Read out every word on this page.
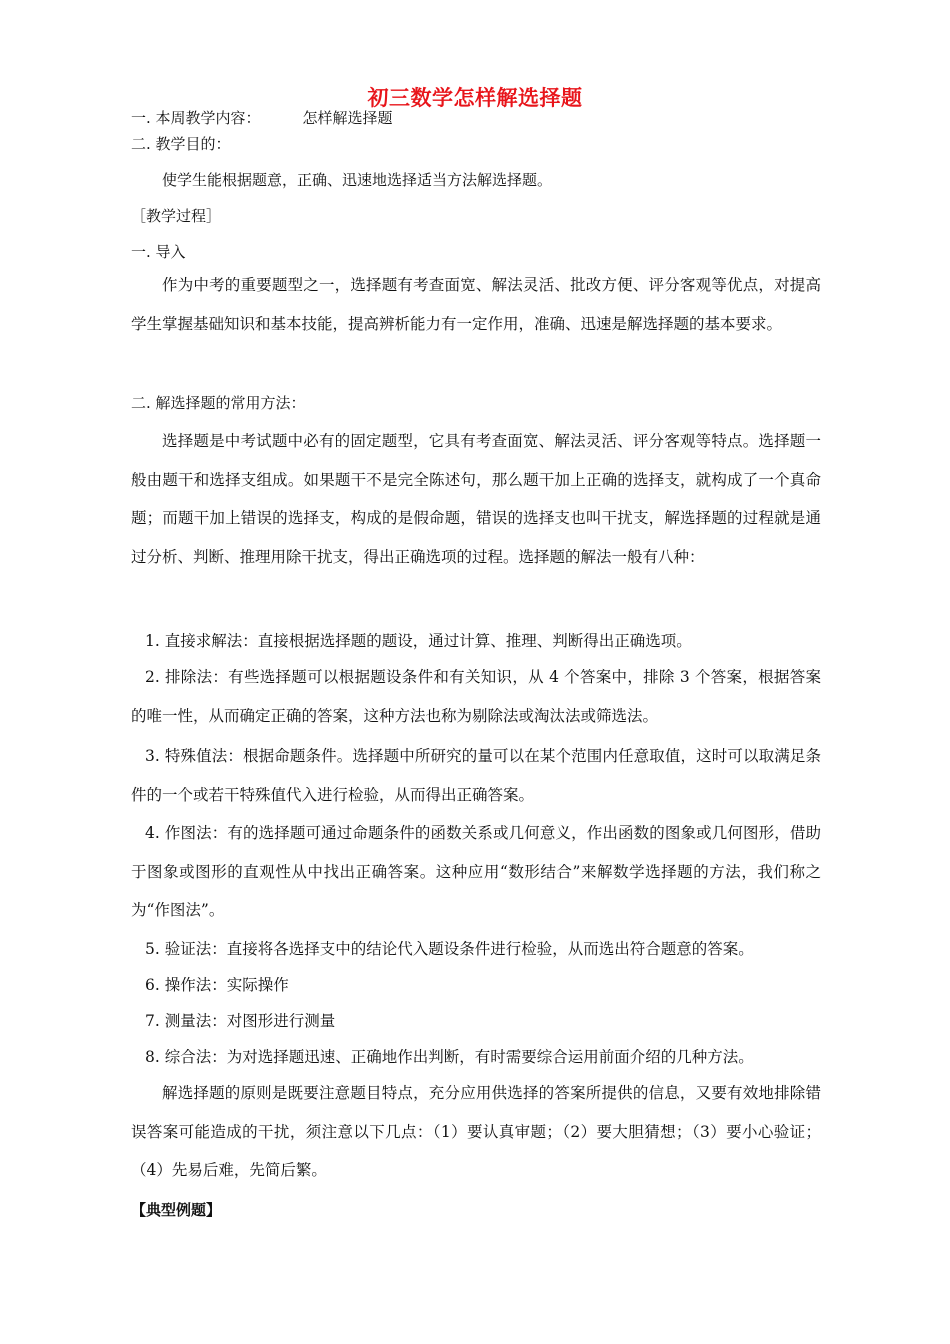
初三数学怎样解选择题
一. 本周教学内容：	怎样解选择题
二. 教学目的：
使学生能根据题意，正确、迅速地选择适当方法解选择题。
［教学过程］
一. 导入
作为中考的重要题型之一，选择题有考查面宽、解法灵活、批改方便、评分客观等优点，对提高学生掌握基础知识和基本技能，提高辨析能力有一定作用，准确、迅速是解选择题的基本要求。
二. 解选择题的常用方法：
选择题是中考试题中必有的固定题型，它具有考查面宽、解法灵活、评分客观等特点。选择题一般由题干和选择支组成。如果题干不是完全陈述句，那么题干加上正确的选择支，就构成了一个真命题；而题干加上错误的选择支，构成的是假命题，错误的选择支也叫干扰支，解选择题的过程就是通过分析、判断、推理用除干扰支，得出正确选项的过程。选择题的解法一般有八种：
1. 直接求解法：直接根据选择题的题设，通过计算、推理、判断得出正确选项。
2. 排除法：有些选择题可以根据题设条件和有关知识，从 4 个答案中，排除 3 个答案，根据答案的唯一性，从而确定正确的答案，这种方法也称为剔除法或淘汰法或筛选法。
3. 特殊值法：根据命题条件。选择题中所研究的量可以在某个范围内任意取值，这时可以取满足条件的一个或若干特殊值代入进行检验，从而得出正确答案。
4. 作图法：有的选择题可通过命题条件的函数关系或几何意义，作出函数的图象或几何图形，借助于图象或图形的直观性从中找出正确答案。这种应用“数形结合”来解数学选择题的方法，我们称之为“作图法”。
5. 验证法：直接将各选择支中的结论代入题设条件进行检验，从而选出符合题意的答案。
6. 操作法：实际操作
7. 测量法：对图形进行测量
8. 综合法：为对选择题迅速、正确地作出判断，有时需要综合运用前面介绍的几种方法。
解选择题的原则是既要注意题目特点，充分应用供选择的答案所提供的信息，又要有效地排除错误答案可能造成的干扰，须注意以下几点：（1）要认真审题；（2）要大胆猜想；（3）要小心验证；（4）先易后难，先简后繁。
【典型例题】
